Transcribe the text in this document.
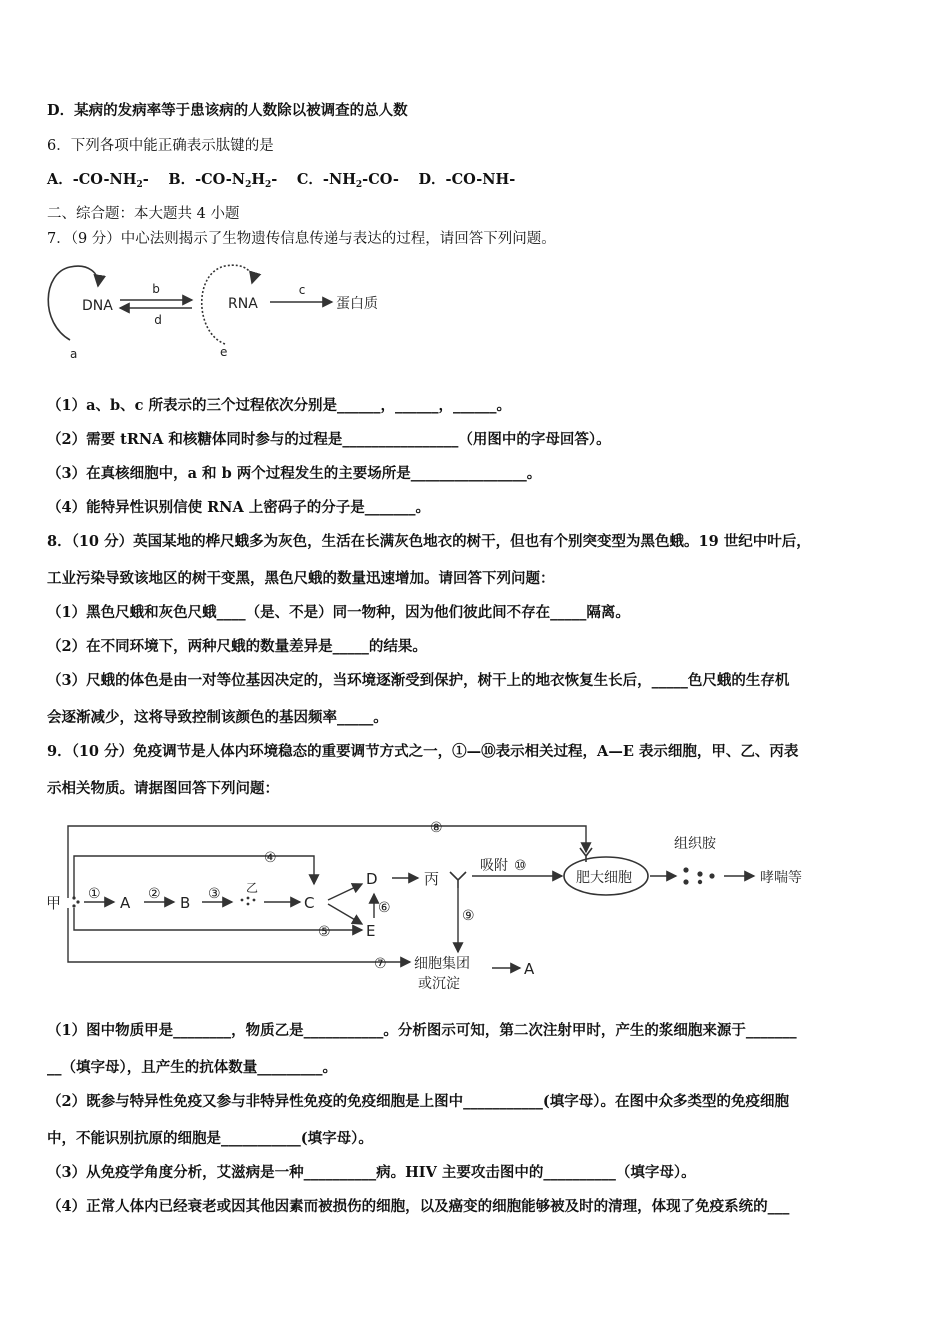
D．某病的发病率等于患该病的人数除以被调查的总人数
6．下列各项中能正确表示肽键的是
A．$-CO-NH_2-$　 B．$-CO-N_2H_2-$　 C．$-NH_2-CO-$　 D．-CO-NH-
二、综合题：本大题共 4 小题
7．（9 分）中心法则揭示了生物遗传信息传递与表达的过程，请回答下列问题。
DNA
a
b
d
RNA
e
c
蛋白质
（1）a、b、c 所表示的三个过程依次分别是______，______，______。
（2）需要 tRNA 和核糖体同时参与的过程是________________（用图中的字母回答）。
（3）在真核细胞中，a 和 b 两个过程发生的主要场所是________________。
（4）能特异性识别信使 RNA 上密码子的分子是_______。
8．（10 分）英国某地的桦尺蛾多为灰色，生活在长满灰色地衣的树干，但也有个别突变型为黑色蛾。19 世纪中叶后，
工业污染导致该地区的树干变黑，黑色尺蛾的数量迅速增加。请回答下列问题：
（1）黑色尺蛾和灰色尺蛾____（是、不是）同一物种，因为他们彼此间不存在_____隔离。
（2）在不同环境下，两种尺蛾的数量差异是_____的结果。
（3）尺蛾的体色是由一对等位基因决定的，当环境逐渐受到保护，树干上的地衣恢复生长后，_____色尺蛾的生存机
会逐渐减少，这将导致控制该颜色的基因频率_____。
9．（10 分）免疫调节是人体内环境稳态的重要调节方式之一，①—⑩表示相关过程，A—E 表示细胞，甲、乙、丙表
示相关物质。请据图回答下列问题：
甲	A	B	C
D
E
丙
A
肥大细胞
组织胺
哮喘等
吸附
细胞集团
或沉淀
乙
①	②	③
④
⑤
⑥
⑦
⑧
⑨
⑩
（1）图中物质甲是________，物质乙是___________。分析图示可知，第二次注射甲时，产生的浆细胞来源于_______
__（填字母），且产生的抗体数量_________。
（2）既参与特异性免疫又参与非特异性免疫的免疫细胞是上图中___________(填字母）。在图中众多类型的免疫细胞
中，不能识别抗原的细胞是___________(填字母）。
（3）从免疫学角度分析，艾滋病是一种__________病。HIV 主要攻击图中的__________（填字母）。
（4）正常人体内已经衰老或因其他因素而被损伤的细胞，以及癌变的细胞能够被及时的清理，体现了免疫系统的___
